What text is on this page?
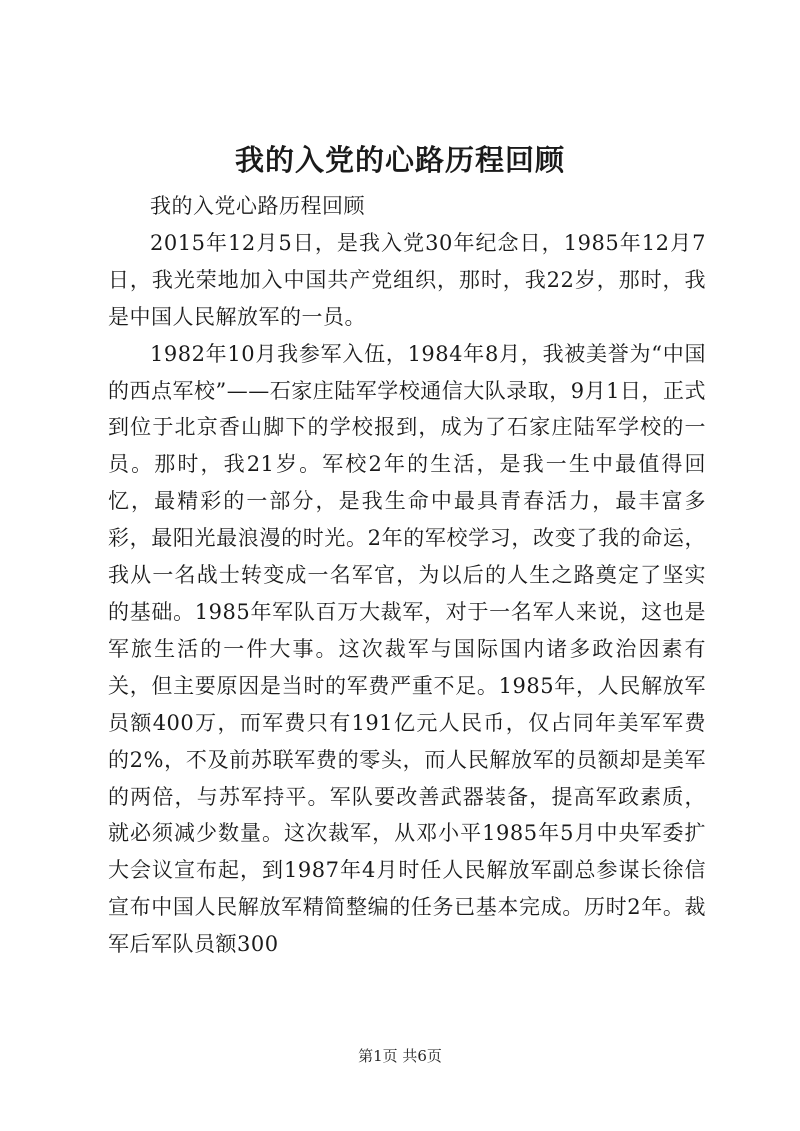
我的入党的心路历程回顾

我的入党心路历程回顾

2015年12月5日，是我入党30年纪念日，1985年12月7日，我光荣地加入中国共产党组织，那时，我22岁，那时，我是中国人民解放军的一员。

1982年10月我参军入伍，1984年8月，我被美誉为“中国的西点军校”——石家庄陆军学校通信大队录取，9月1日，正式到位于北京香山脚下的学校报到，成为了石家庄陆军学校的一员。那时，我21岁。军校2年的生活，是我一生中最值得回忆，最精彩的一部分，是我生命中最具青春活力，最丰富多彩，最阳光最浪漫的时光。2年的军校学习，改变了我的命运，我从一名战士转变成一名军官，为以后的人生之路奠定了坚实的基础。1985年军队百万大裁军，对于一名军人来说，这也是军旅生活的一件大事。这次裁军与国际国内诸多政治因素有关，但主要原因是当时的军费严重不足。1985年，人民解放军员额400万，而军费只有191亿元人民币，仅占同年美军军费的2%，不及前苏联军费的零头，而人民解放军的员额却是美军的两倍，与苏军持平。军队要改善武器装备，提高军政素质，就必须减少数量。这次裁军，从邓小平1985年5月中央军委扩大会议宣布起，到1987年4月时任人民解放军副总参谋长徐信宣布中国人民解放军精简整编的任务已基本完成。历时2年。裁军后军队员额300

第1页 共6页
